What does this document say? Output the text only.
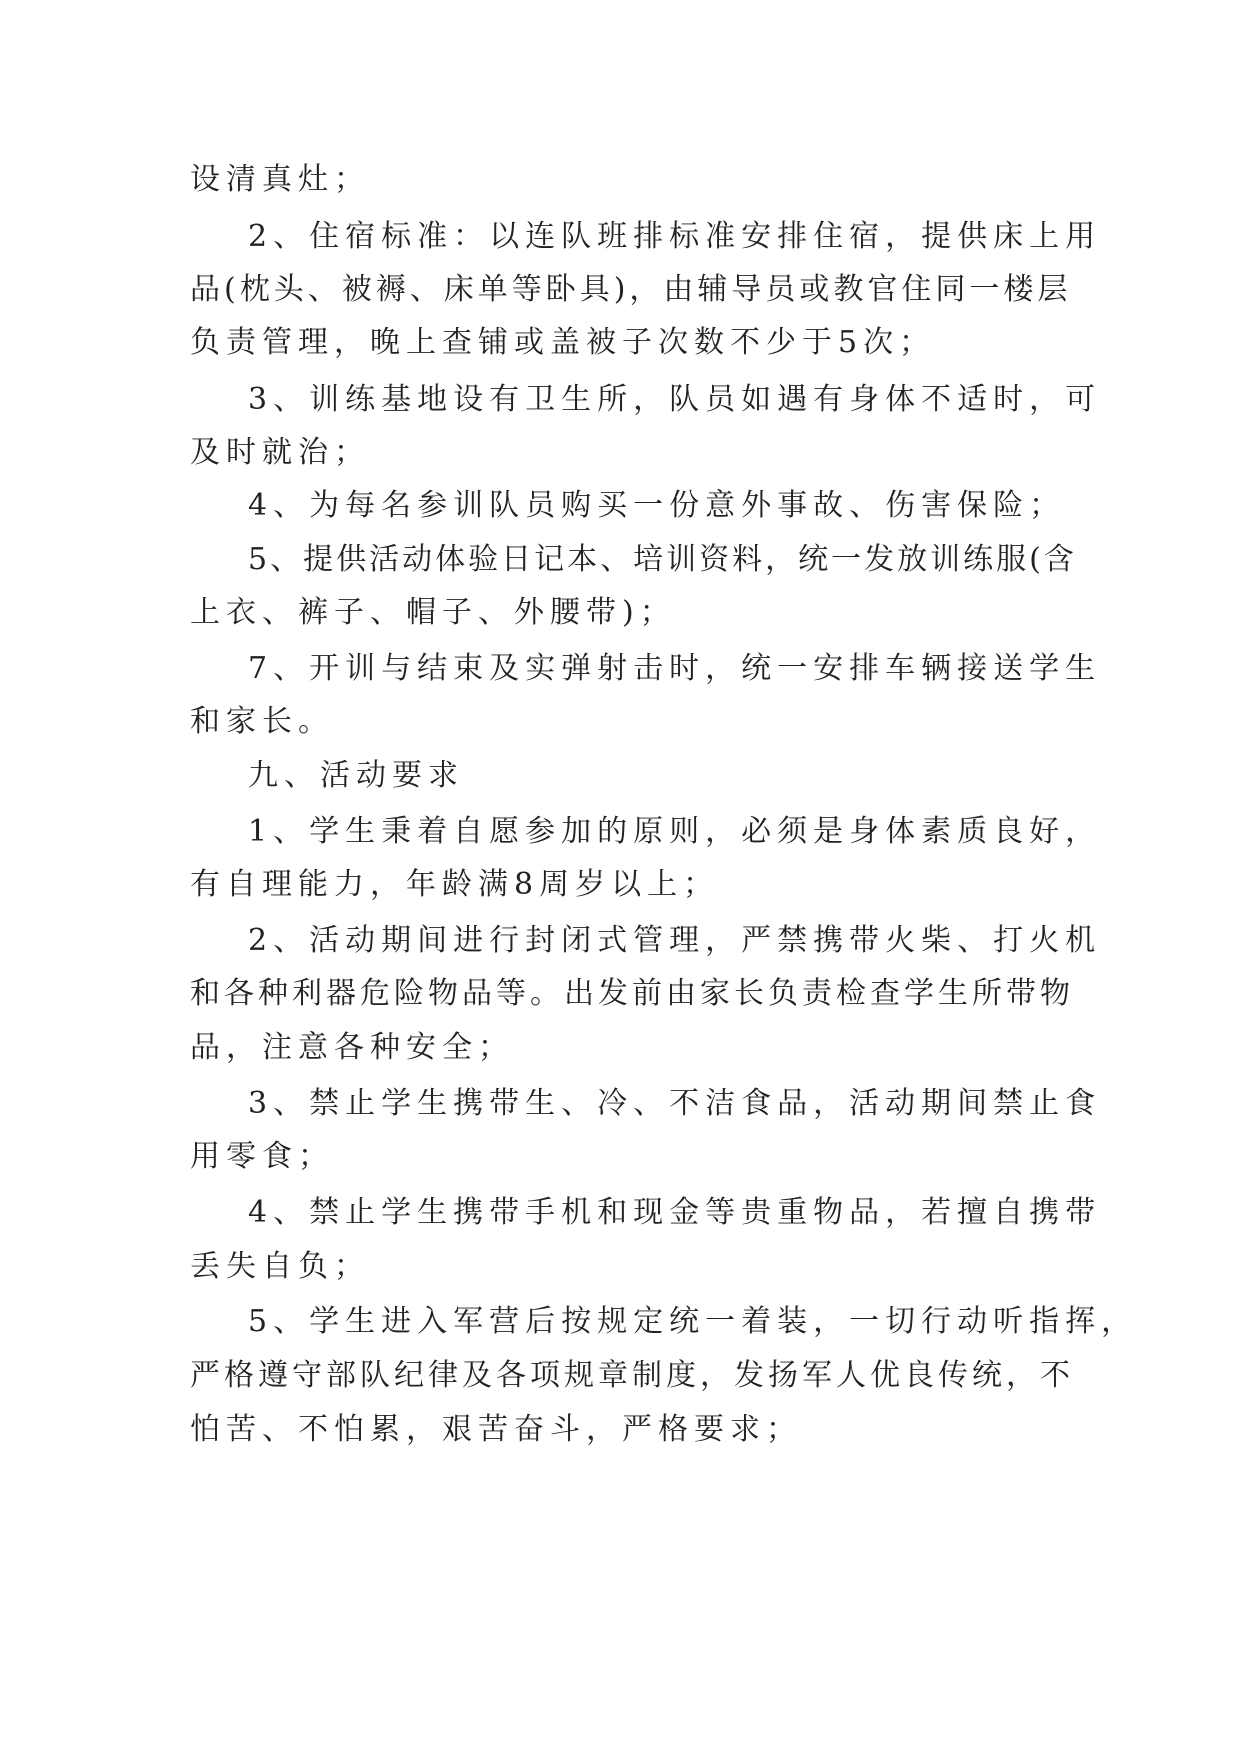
设清真灶；
2、住宿标准：以连队班排标准安排住宿，提供床上用
品(枕头、被褥、床单等卧具)，由辅导员或教官住同一楼层
负责管理，晚上查铺或盖被子次数不少于5次；
3、训练基地设有卫生所，队员如遇有身体不适时，可
及时就治；
4、为每名参训队员购买一份意外事故、伤害保险；
5、提供活动体验日记本、培训资料，统一发放训练服(含
上衣、裤子、帽子、外腰带)；
7、开训与结束及实弹射击时，统一安排车辆接送学生
和家长。
九、活动要求
1、学生秉着自愿参加的原则，必须是身体素质良好，
有自理能力，年龄满8周岁以上；
2、活动期间进行封闭式管理，严禁携带火柴、打火机
和各种利器危险物品等。出发前由家长负责检查学生所带物
品，注意各种安全；
3、禁止学生携带生、冷、不洁食品，活动期间禁止食
用零食；
4、禁止学生携带手机和现金等贵重物品，若擅自携带
丢失自负；
5、学生进入军营后按规定统一着装，一切行动听指挥，
严格遵守部队纪律及各项规章制度，发扬军人优良传统，不
怕苦、不怕累，艰苦奋斗，严格要求；
